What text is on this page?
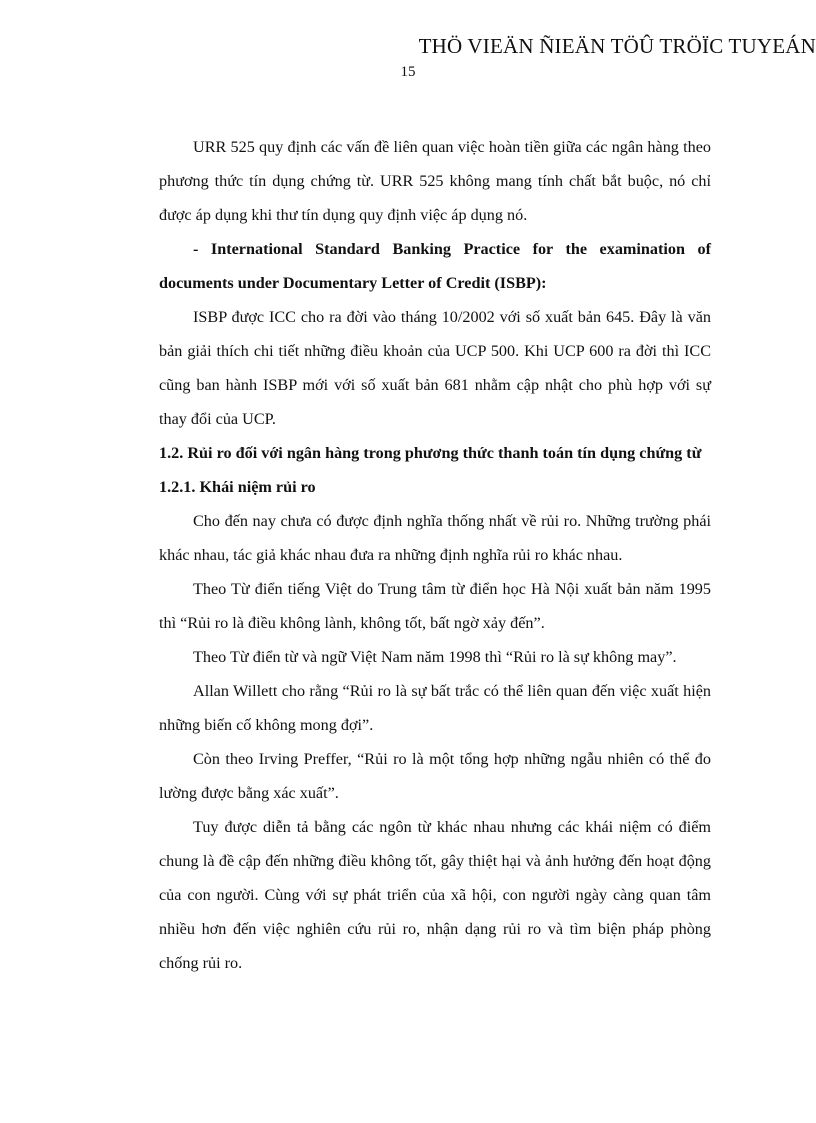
THÖ VIEÄN ÑIEÄN TÖÛ TRÖÏC TUYEÁN
15

URR 525 quy định các vấn đề liên quan việc hoàn tiền giữa các ngân hàng theo phương thức tín dụng chứng từ. URR 525 không mang tính chất bắt buộc, nó chỉ được áp dụng khi thư tín dụng quy định việc áp dụng nó.

- International Standard Banking Practice for the examination of

documents under Documentary Letter of Credit (ISBP):

ISBP được ICC cho ra đời vào tháng 10/2002 với số xuất bản 645. Đây là văn bản giải thích chi tiết những điều khoản của UCP 500. Khi UCP 600 ra đời thì ICC cũng ban hành ISBP mới với số xuất bản 681 nhằm cập nhật cho phù hợp với sự thay đổi của UCP.

1.2. Rủi ro đối với ngân hàng trong phương thức thanh toán tín dụng chứng từ

1.2.1. Khái niệm rủi ro

Cho đến nay chưa có được định nghĩa thống nhất về rủi ro. Những trường phái khác nhau, tác giả khác nhau đưa ra những định nghĩa rủi ro khác nhau.

Theo Từ điển tiếng Việt do Trung tâm từ điển học Hà Nội xuất bản năm 1995 thì “Rủi ro là điều không lành, không tốt, bất ngờ xảy đến”.

Theo Từ điển từ và ngữ Việt Nam năm 1998 thì “Rủi ro là sự không may”.

Allan Willett cho rằng “Rủi ro là sự bất trắc có thể liên quan đến việc xuất hiện những biến cố không mong đợi”.

Còn theo Irving Preffer, “Rủi ro là một tổng hợp những ngẫu nhiên có thể đo lường được bằng xác xuất”.

Tuy được diễn tả bằng các ngôn từ khác nhau nhưng các khái niệm có điểm chung là đề cập đến những điều không tốt, gây thiệt hại và ảnh hưởng đến hoạt động của con người. Cùng với sự phát triển của xã hội, con người ngày càng quan tâm nhiều hơn đến việc nghiên cứu rủi ro, nhận dạng rủi ro và tìm biện pháp phòng chống rủi ro.
